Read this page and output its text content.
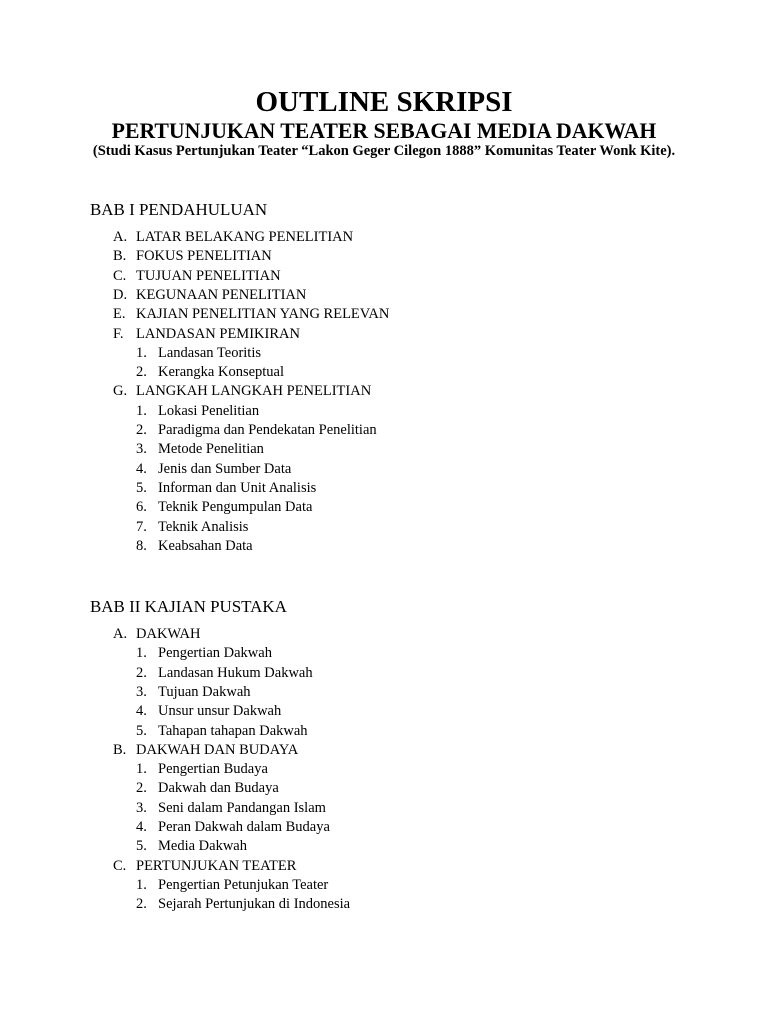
OUTLINE SKRIPSI
PERTUNJUKAN TEATER SEBAGAI MEDIA DAKWAH
(Studi Kasus Pertunjukan Teater “Lakon Geger Cilegon 1888” Komunitas Teater Wonk Kite).
BAB I PENDAHULUAN
A. LATAR BELAKANG PENELITIAN
B. FOKUS PENELITIAN
C. TUJUAN PENELITIAN
D. KEGUNAAN PENELITIAN
E. KAJIAN PENELITIAN YANG RELEVAN
F. LANDASAN PEMIKIRAN
1. Landasan Teoritis
2. Kerangka Konseptual
G. LANGKAH LANGKAH PENELITIAN
1. Lokasi Penelitian
2. Paradigma dan Pendekatan Penelitian
3. Metode Penelitian
4. Jenis dan Sumber Data
5. Informan dan Unit Analisis
6. Teknik Pengumpulan Data
7. Teknik Analisis
8. Keabsahan Data
BAB II KAJIAN PUSTAKA
A. DAKWAH
1. Pengertian Dakwah
2. Landasan Hukum Dakwah
3. Tujuan Dakwah
4. Unsur unsur Dakwah
5. Tahapan tahapan Dakwah
B. DAKWAH DAN BUDAYA
1. Pengertian Budaya
2. Dakwah dan Budaya
3. Seni dalam Pandangan Islam
4. Peran Dakwah dalam Budaya
5. Media Dakwah
C. PERTUNJUKAN TEATER
1. Pengertian Petunjukan Teater
2. Sejarah Pertunjukan di Indonesia
